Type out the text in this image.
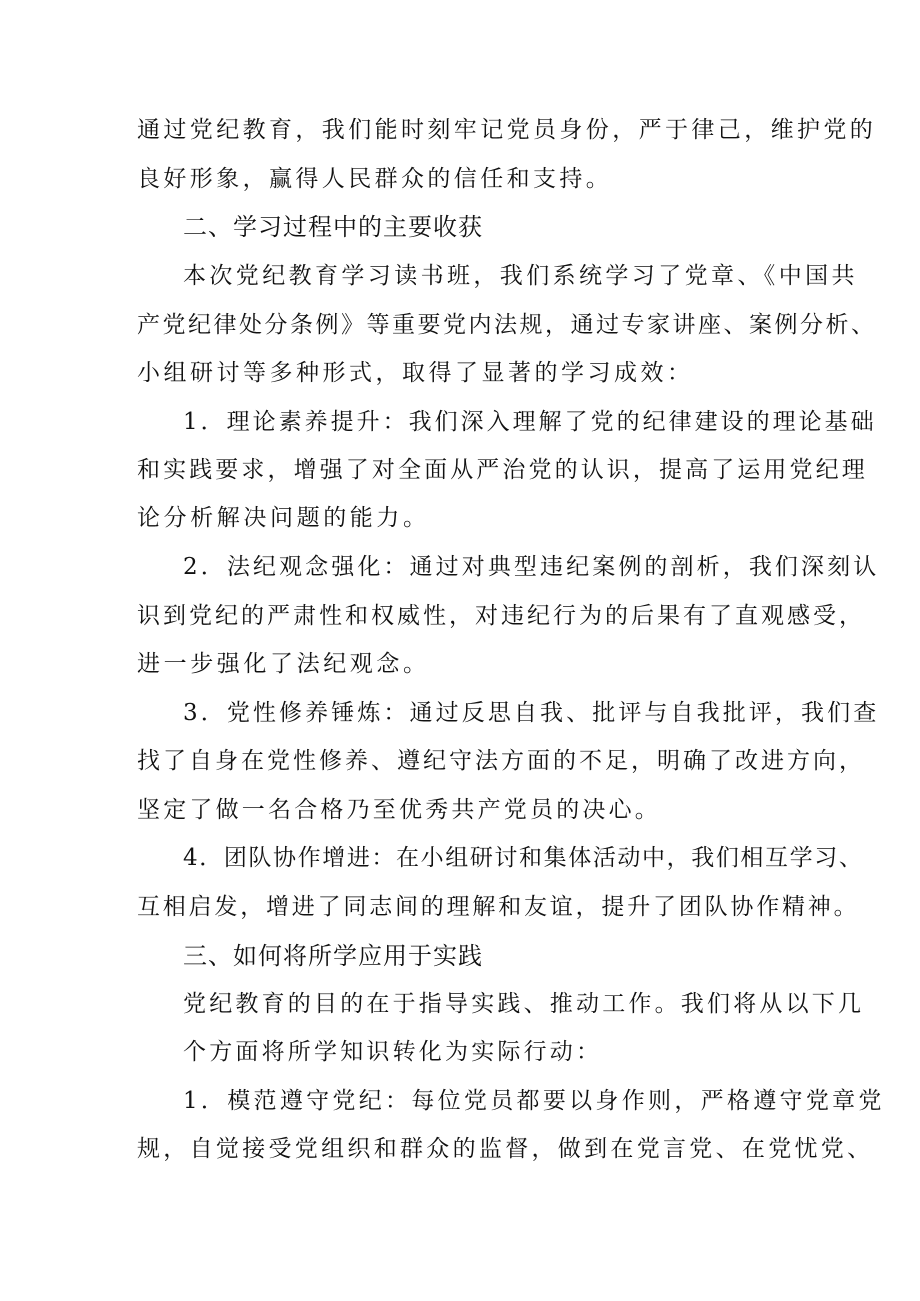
通过党纪教育，我们能时刻牢记党员身份，严于律己，维护党的
良好形象，赢得人民群众的信任和支持。
二、学习过程中的主要收获
本次党纪教育学习读书班，我们系统学习了党章、《中国共
产党纪律处分条例》等重要党内法规，通过专家讲座、案例分析、
小组研讨等多种形式，取得了显著的学习成效：
1．理论素养提升：我们深入理解了党的纪律建设的理论基础
和实践要求，增强了对全面从严治党的认识，提高了运用党纪理
论分析解决问题的能力。
2．法纪观念强化：通过对典型违纪案例的剖析，我们深刻认
识到党纪的严肃性和权威性，对违纪行为的后果有了直观感受，
进一步强化了法纪观念。
3．党性修养锤炼：通过反思自我、批评与自我批评，我们查
找了自身在党性修养、遵纪守法方面的不足，明确了改进方向，
坚定了做一名合格乃至优秀共产党员的决心。
4．团队协作增进：在小组研讨和集体活动中，我们相互学习、
互相启发，增进了同志间的理解和友谊，提升了团队协作精神。
三、如何将所学应用于实践
党纪教育的目的在于指导实践、推动工作。我们将从以下几
个方面将所学知识转化为实际行动：
1．模范遵守党纪：每位党员都要以身作则，严格遵守党章党
规，自觉接受党组织和群众的监督，做到在党言党、在党忧党、
